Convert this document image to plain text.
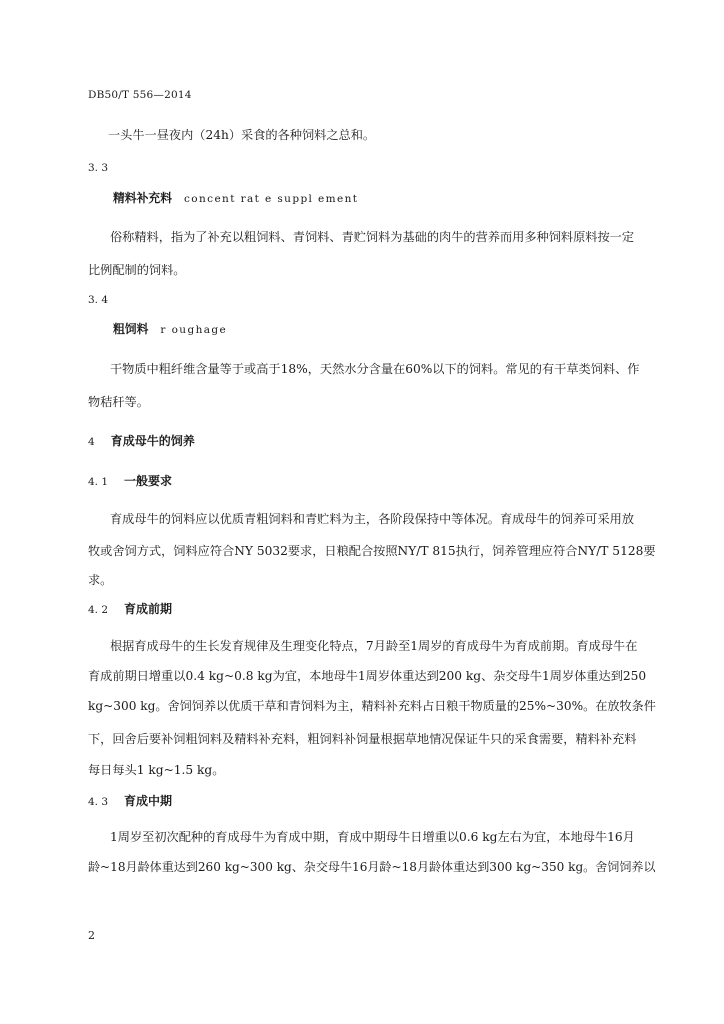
DB50/T 556—2014
一头牛一昼夜内（24h）采食的各种饲料之总和。
3. 3
精料补充料 concent rat e suppl ement
俗称精料，指为了补充以粗饲料、青饲料、青贮饲料为基础的肉牛的营养而用多种饲料原料按一定
比例配制的饲料。
3. 4
粗饲料 r oughage
干物质中粗纤维含量等于或高于18%，天然水分含量在60%以下的饲料。常见的有干草类饲料、作
物秸秆等。
4 育成母牛的饲养
4. 1 一般要求
育成母牛的饲料应以优质青粗饲料和青贮料为主，各阶段保持中等体况。育成母牛的饲养可采用放
牧或舍饲方式，饲料应符合NY 5032要求，日粮配合按照NY/T 815执行，饲养管理应符合NY/T 5128要
求。
4. 2 育成前期
根据育成母牛的生长发育规律及生理变化特点，7月龄至1周岁的育成母牛为育成前期。育成母牛在
育成前期日增重以0.4 kg~0.8 kg为宜，本地母牛1周岁体重达到200 kg、杂交母牛1周岁体重达到250
kg~300 kg。舍饲饲养以优质干草和青饲料为主，精料补充料占日粮干物质量的25%~30%。在放牧条件
下，回舍后要补饲粗饲料及精料补充料，粗饲料补饲量根据草地情况保证牛只的采食需要，精料补充料
每日每头1 kg~1.5 kg。
4. 3 育成中期
1周岁至初次配种的育成母牛为育成中期，育成中期母牛日增重以0.6 kg左右为宜，本地母牛16月
龄~18月龄体重达到260 kg~300 kg、杂交母牛16月龄~18月龄体重达到300 kg~350 kg。舍饲饲养以
2
